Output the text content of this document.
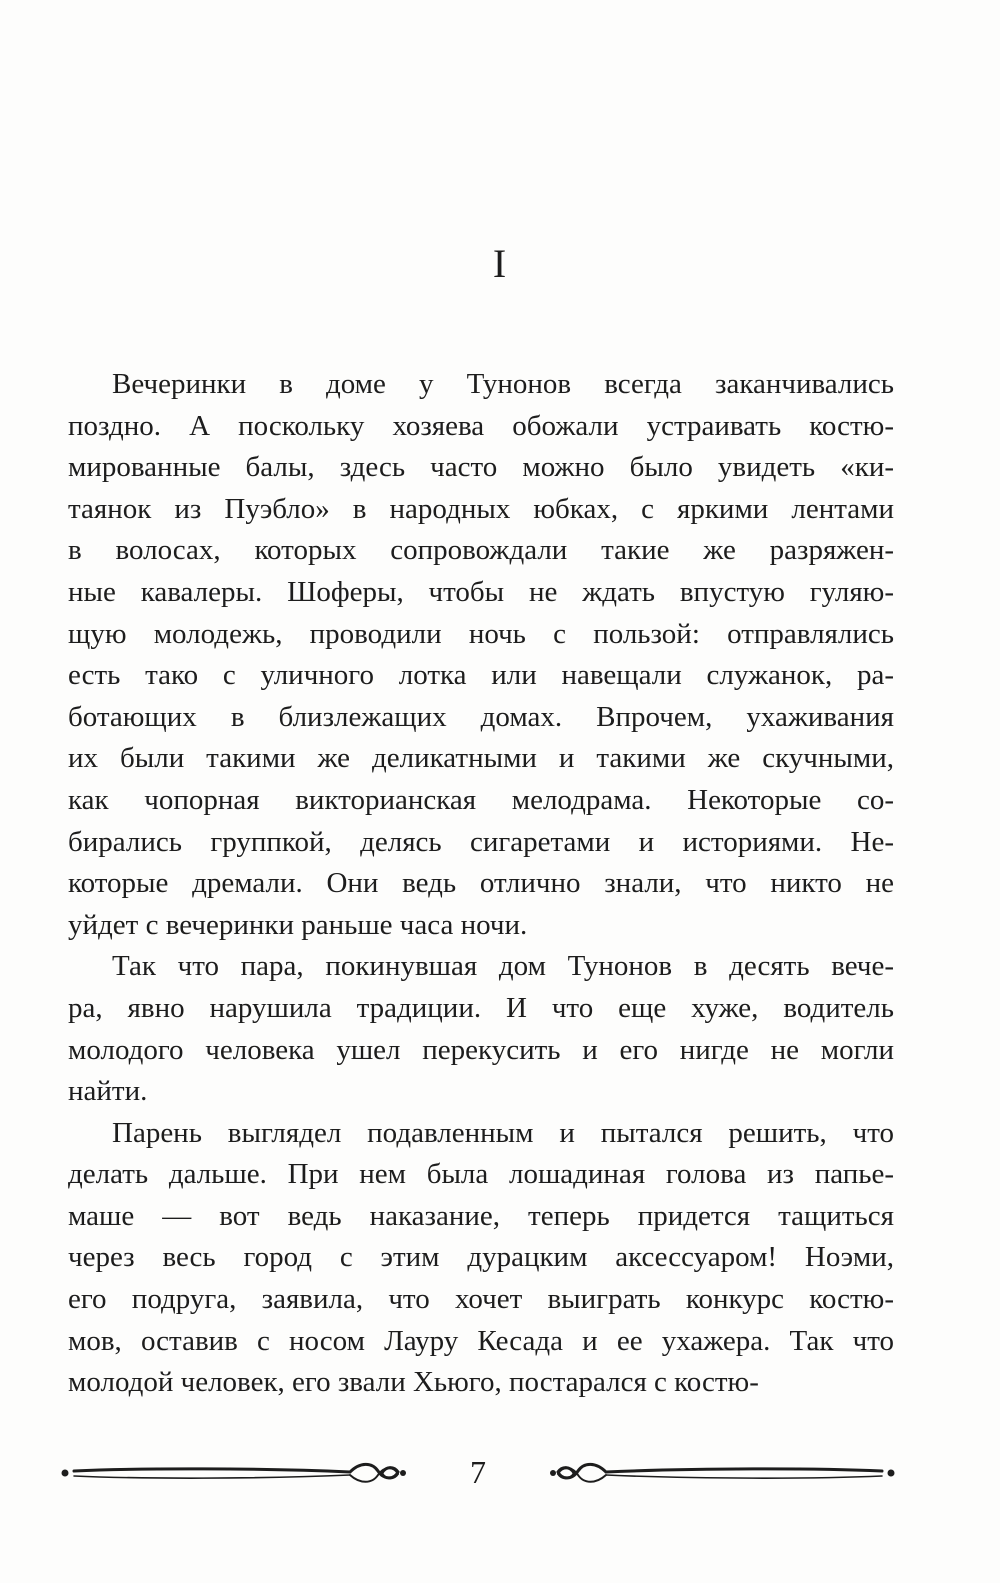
I

Вечеринки в доме у Тунонов всегда заканчивались
поздно. А поскольку хозяева обожали устраивать костю-
мированные балы, здесь часто можно было увидеть «ки-
таянок из Пуэбло» в народных юбках, с яркими лентами
в волосах, которых сопровождали такие же разряжен-
ные кавалеры. Шоферы, чтобы не ждать впустую гуляю-
щую молодежь, проводили ночь с пользой: отправлялись
есть тако с уличного лотка или навещали служанок, ра-
ботающих в близлежащих домах. Впрочем, ухаживания
их были такими же деликатными и такими же скучными,
как чопорная викторианская мелодрама. Некоторые со-
бирались группкой, делясь сигаретами и историями. Не-
которые дремали. Они ведь отлично знали, что никто не
уйдет с вечеринки раньше часа ночи.

Так что пара, покинувшая дом Тунонов в десять вече-
ра, явно нарушила традиции. И что еще хуже, водитель
молодого человека ушел перекусить и его нигде не могли
найти.

Парень выглядел подавленным и пытался решить, что
делать дальше. При нем была лошадиная голова из папье-
маше — вот ведь наказание, теперь придется тащиться
через весь город с этим дурацким аксессуаром! Ноэми,
его подруга, заявила, что хочет выиграть конкурс костю-
мов, оставив с носом Лауру Кесада и ее ухажера. Так что
молодой человек, его звали Хьюго, постарался с костю-

7
